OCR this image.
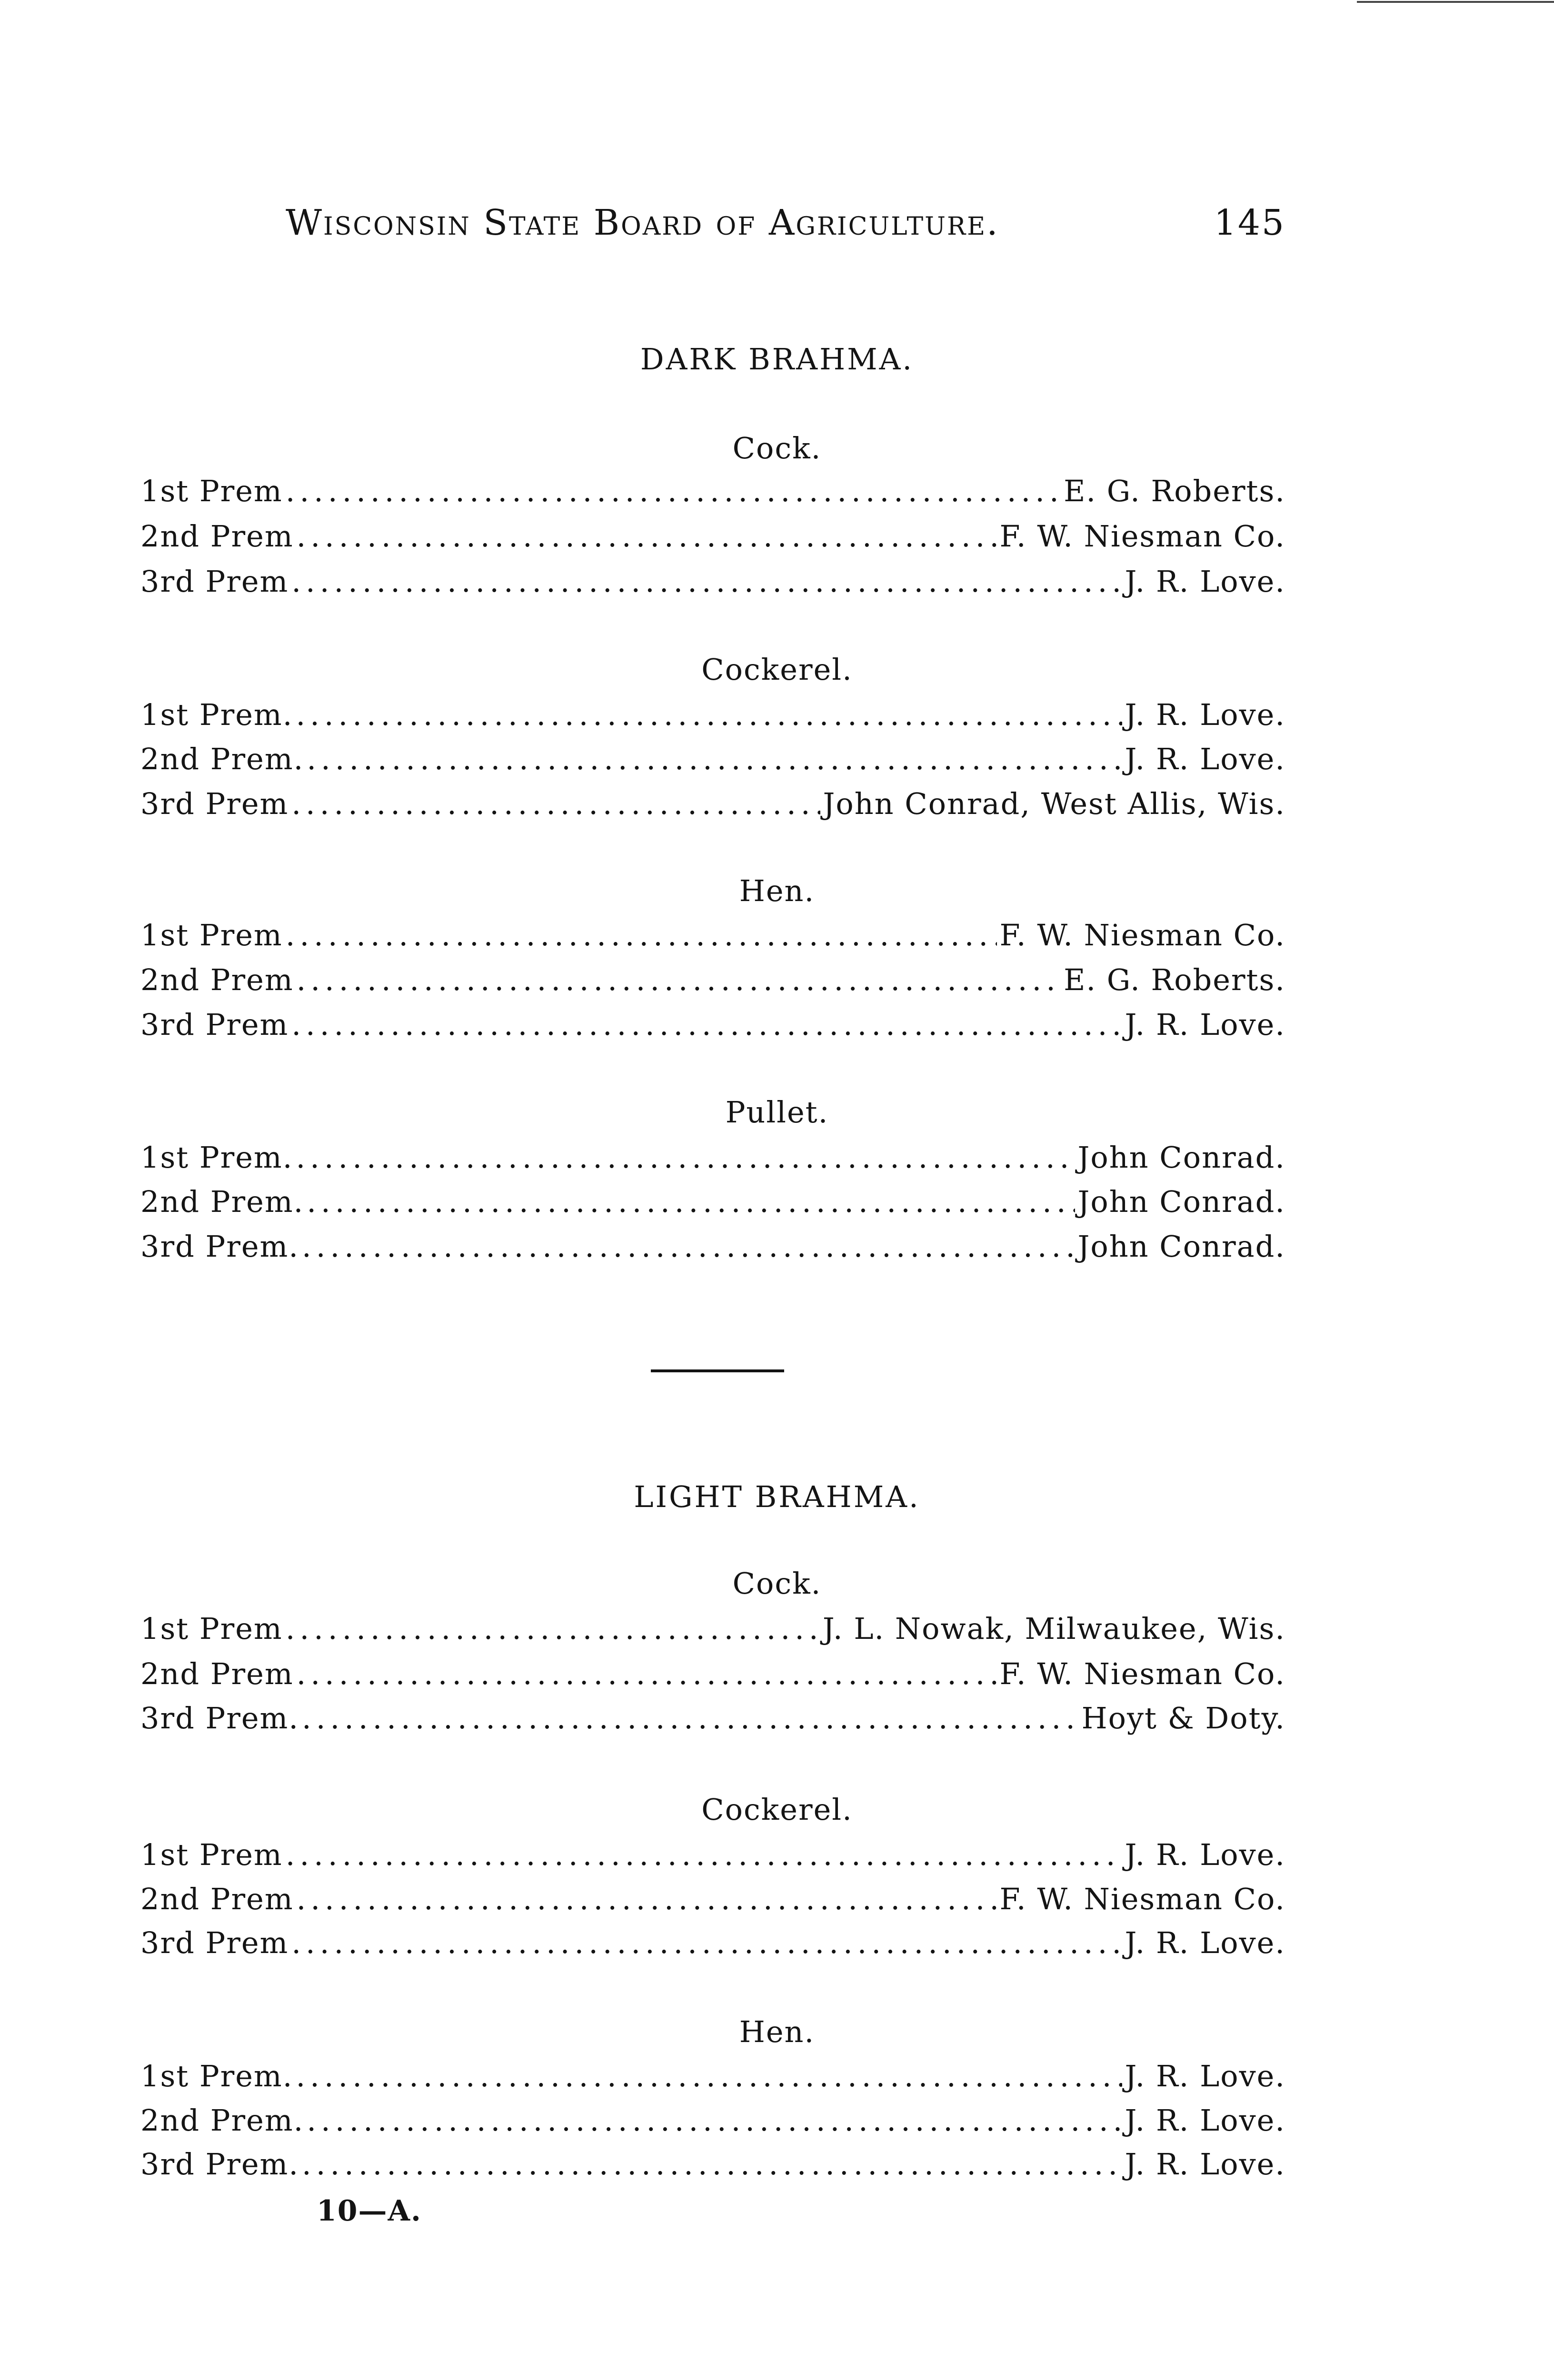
Wisconsin State Board of Agriculture.	145
DARK BRAHMA.
Cock.
1st Prem .....	E. G. Roberts.
2nd Prem .....	F. W. Niesman Co.
3rd Prem .....	J. R. Love.
Cockerel.
1st Prem. .....	J. R. Love.
2nd Prem. .....	J. R. Love.
3rd Prem .....	John Conrad, West Allis, Wis.
Hen.
1st Prem .....	F. W. Niesman Co.
2nd Prem .....	E. G. Roberts.
3rd Prem .....	J. R. Love.
Pullet.
1st Prem. .....	John Conrad.
2nd Prem. .....	John Conrad.
3rd Prem. .....	John Conrad.
LIGHT BRAHMA.
Cock.
1st Prem .....	J. L. Nowak, Milwaukee, Wis.
2nd Prem .....	F. W. Niesman Co.
3rd Prem. .....	Hoyt & Doty.
Cockerel.
1st Prem .....	J. R. Love.
2nd Prem .....	F. W. Niesman Co.
3rd Prem .....	J. R. Love.
Hen.
1st Prem. .....	J. R. Love.
2nd Prem. .....	J. R. Love.
3rd Prem. .....	J. R. Love.
10—A.
